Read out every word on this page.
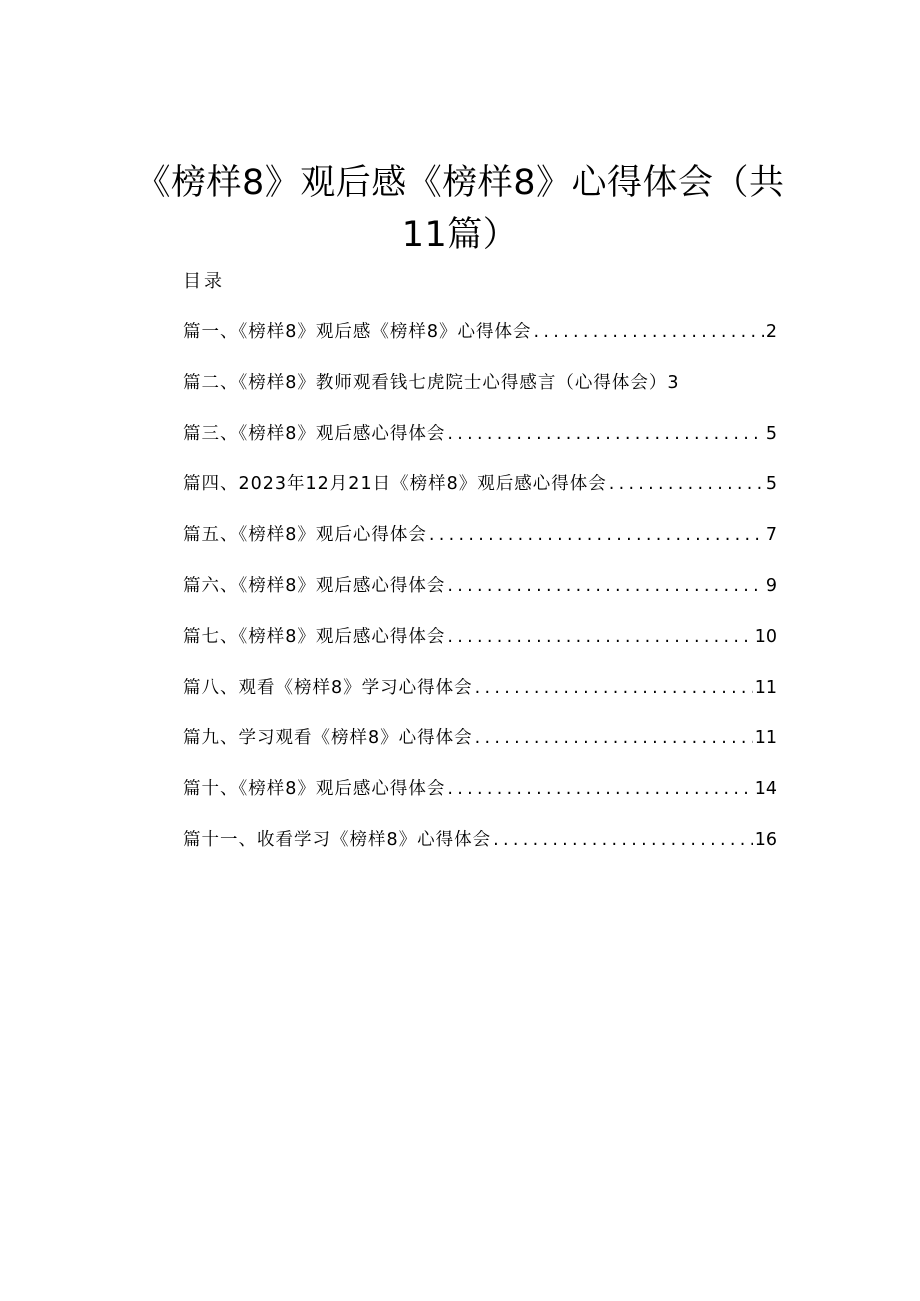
《榜样8》观后感《榜样8》心得体会（共
11篇）
目录
篇一、《榜样8》观后感《榜样8》心得体会 .....	2
篇二、《榜样8》教师观看钱七虎院士心得感言（心得体会） 3
篇三、《榜样8》观后感心得体会 .....	5
篇四、2023年12月21日《榜样8》观后感心得体会 .....	5
篇五、《榜样8》观后心得体会 .....	7
篇六、《榜样8》观后感心得体会 .....	9
篇七、《榜样8》观后感心得体会 .....	10
篇八、观看《榜样8》学习心得体会 .....	11
篇九、学习观看《榜样8》心得体会 .....	11
篇十、《榜样8》观后感心得体会 .....	14
篇十一、收看学习《榜样8》心得体会 .....	16
